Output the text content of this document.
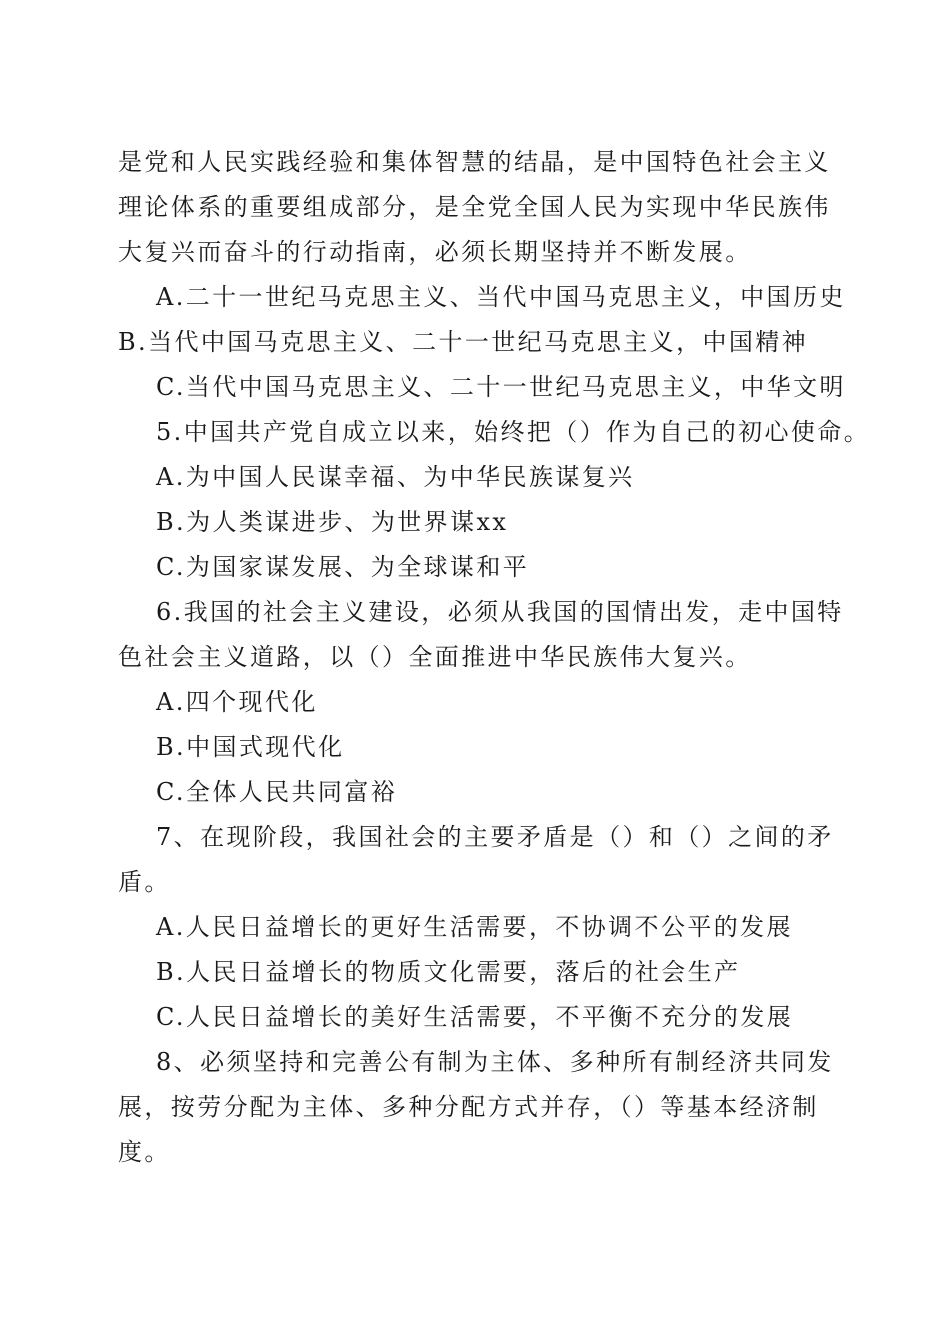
是党和人民实践经验和集体智慧的结晶，是中国特色社会主义
理论体系的重要组成部分，是全党全国人民为实现中华民族伟
大复兴而奋斗的行动指南，必须长期坚持并不断发展。

A.二十一世纪马克思主义、当代中国马克思主义，中国历史

B.当代中国马克思主义、二十一世纪马克思主义，中国精神

C.当代中国马克思主义、二十一世纪马克思主义，中华文明

5.中国共产党自成立以来，始终把（）作为自己的初心使命。

A.为中国人民谋幸福、为中华民族谋复兴

B.为人类谋进步、为世界谋xx

C.为国家谋发展、为全球谋和平

6.我国的社会主义建设，必须从我国的国情出发，走中国特
色社会主义道路，以（）全面推进中华民族伟大复兴。

A.四个现代化

B.中国式现代化

C.全体人民共同富裕

7、在现阶段，我国社会的主要矛盾是（）和（）之间的矛
盾。

A.人民日益增长的更好生活需要，不协调不公平的发展

B.人民日益增长的物质文化需要，落后的社会生产

C.人民日益增长的美好生活需要，不平衡不充分的发展

8、必须坚持和完善公有制为主体、多种所有制经济共同发
展，按劳分配为主体、多种分配方式并存，（）等基本经济制
度。
